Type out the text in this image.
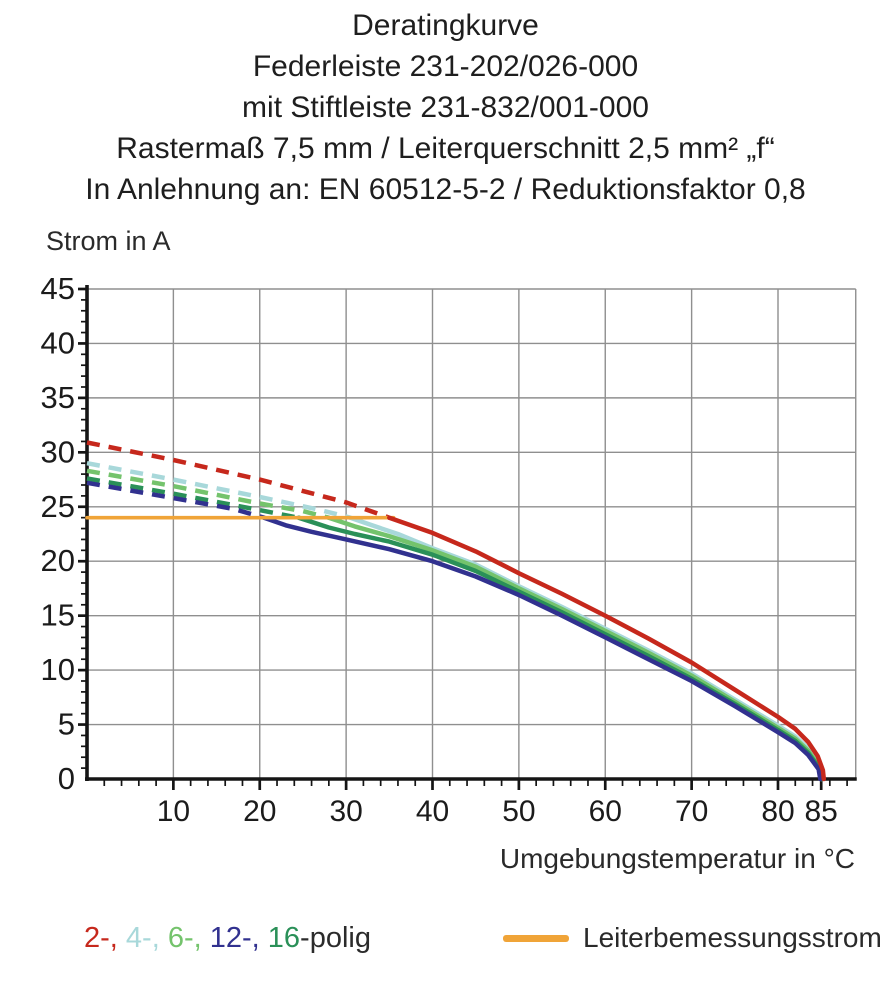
Deratingkurve
Federleiste 231-202/026-000
mit Stiftleiste 231-832/001-000
Rastermaß 7,5 mm / Leiterquerschnitt 2,5 mm² „f“
In Anlehnung an: EN 60512-5-2 / Reduktionsfaktor 0,8
Strom in A
10 20 30 40 50 60 70 80 85
0
5
10
15
20
25
30
35
40
45
Umgebungstemperatur in °C
2-, 4-, 6-, 12-, 16-polig	Leiterbemessungsstrom
